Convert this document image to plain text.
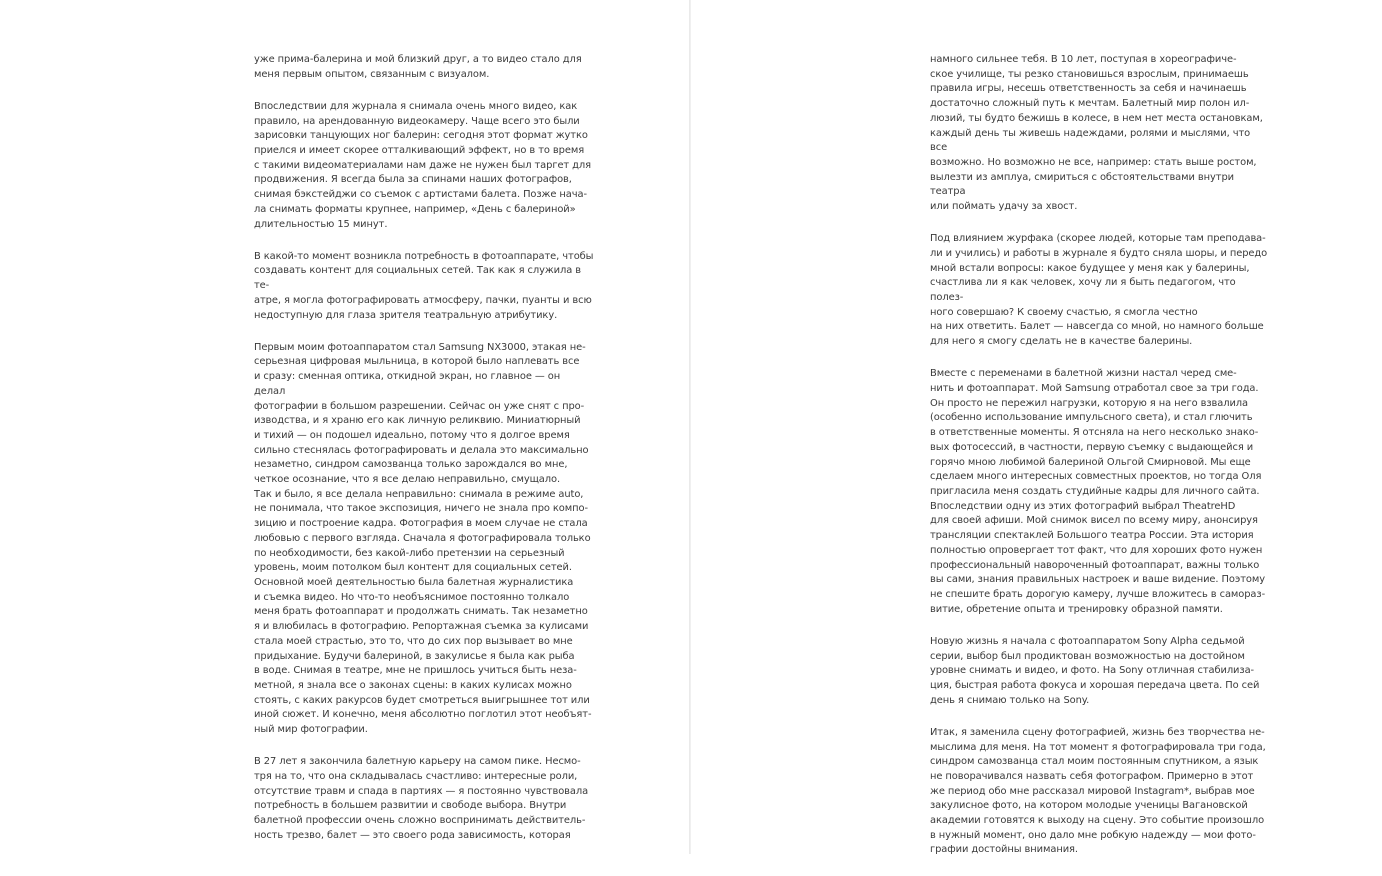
уже прима-балерина и мой близкий друг, а то видео стало для
меня первым опытом, связанным с визуалом.

Впоследствии для журнала я снимала очень много видео, как
правило, на арендованную видеокамеру. Чаще всего это были
зарисовки танцующих ног балерин: сегодня этот формат жутко
приелся и имеет скорее отталкивающий эффект, но в то время
с такими видеоматериалами нам даже не нужен был таргет для
продвижения. Я всегда была за спинами наших фотографов,
снимая бэкстейджи со съемок с артистами балета. Позже нача-
ла снимать форматы крупнее, например, «День с балериной»
длительностью 15 минут.

В какой-то момент возникла потребность в фотоаппарате, чтобы
создавать контент для социальных сетей. Так как я служила в те-
атре, я могла фотографировать атмосферу, пачки, пуанты и всю
недоступную для глаза зрителя театральную атрибутику.

Первым моим фотоаппаратом стал Samsung NX3000, этакая не-
серьезная цифровая мыльница, в которой было наплевать все
и сразу: сменная оптика, откидной экран, но главное — он делал
фотографии в большом разрешении. Сейчас он уже снят с про-
изводства, и я храню его как личную реликвию. Миниатюрный
и тихий — он подошел идеально, потому что я долгое время
сильно стеснялась фотографировать и делала это максимально
незаметно, синдром самозванца только зарождался во мне,
четкое осознание, что я все делаю неправильно, смущало.
Так и было, я все делала неправильно: снимала в режиме auto,
не понимала, что такое экспозиция, ничего не знала про компо-
зицию и построение кадра. Фотография в моем случае не стала
любовью с первого взгляда. Сначала я фотографировала только
по необходимости, без какой-либо претензии на серьезный
уровень, моим потолком был контент для социальных сетей.
Основной моей деятельностью была балетная журналистика
и съемка видео. Но что-то необъяснимое постоянно толкало
меня брать фотоаппарат и продолжать снимать. Так незаметно
я и влюбилась в фотографию. Репортажная съемка за кулисами
стала моей страстью, это то, что до сих пор вызывает во мне
придыхание. Будучи балериной, в закулисье я была как рыба
в воде. Снимая в театре, мне не пришлось учиться быть неза-
метной, я знала все о законах сцены: в каких кулисах можно
стоять, с каких ракурсов будет смотреться выигрышнее тот или
иной сюжет. И конечно, меня абсолютно поглотил этот необъят-
ный мир фотографии.

В 27 лет я закончила балетную карьеру на самом пике. Несмо-
тря на то, что она складывалась счастливо: интересные роли,
отсутствие травм и спада в партиях — я постоянно чувствовала
потребность в большем развитии и свободе выбора. Внутри
балетной профессии очень сложно воспринимать действитель-
ность трезво, балет — это своего рода зависимость, которая

намного сильнее тебя. В 10 лет, поступая в хореографиче-
ское училище, ты резко становишься взрослым, принимаешь
правила игры, несешь ответственность за себя и начинаешь
достаточно сложный путь к мечтам. Балетный мир полон ил-
люзий, ты будто бежишь в колесе, в нем нет места остановкам,
каждый день ты живешь надеждами, ролями и мыслями, что все
возможно. Но возможно не все, например: стать выше ростом,
вылезти из амплуа, смириться с обстоятельствами внутри театра
или поймать удачу за хвост.

Под влиянием журфака (скорее людей, которые там преподава-
ли и учились) и работы в журнале я будто сняла шоры, и передо
мной встали вопросы: какое будущее у меня как у балерины,
счастлива ли я как человек, хочу ли я быть педагогом, что полез-
ного совершаю? К своему счастью, я смогла честно
на них ответить. Балет — навсегда со мной, но намного больше
для него я смогу сделать не в качестве балерины.

Вместе с переменами в балетной жизни настал черед сме-
нить и фотоаппарат. Мой Samsung отработал свое за три года.
Он просто не пережил нагрузки, которую я на него взвалила
(особенно использование импульсного света), и стал глючить
в ответственные моменты. Я отсняла на него несколько знако-
вых фотосессий, в частности, первую съемку с выдающейся и
горячо мною любимой балериной Ольгой Смирновой. Мы еще
сделаем много интересных совместных проектов, но тогда Оля
пригласила меня создать студийные кадры для личного сайта.
Впоследствии одну из этих фотографий выбрал TheatreHD
для своей афиши. Мой снимок висел по всему миру, анонсируя
трансляции спектаклей Большого театра России. Эта история
полностью опровергает тот факт, что для хороших фото нужен
профессиональный навороченный фотоаппарат, важны только
вы сами, знания правильных настроек и ваше видение. Поэтому
не спешите брать дорогую камеру, лучше вложитесь в самораз-
витие, обретение опыта и тренировку образной памяти.

Новую жизнь я начала с фотоаппаратом Sony Alpha седьмой
серии, выбор был продиктован возможностью на достойном
уровне снимать и видео, и фото. На Sony отличная стабилиза-
ция, быстрая работа фокуса и хорошая передача цвета. По сей
день я снимаю только на Sony.

Итак, я заменила сцену фотографией, жизнь без творчества не-
мыслима для меня. На тот момент я фотографировала три года,
синдром самозванца стал моим постоянным спутником, а язык
не поворачивался назвать себя фотографом. Примерно в этот
же период обо мне рассказал мировой Instagram*, выбрав мое
закулисное фото, на котором молодые ученицы Вагановской
академии готовятся к выходу на сцену. Это событие произошло
в нужный момент, оно дало мне робкую надежду — мои фото-
графии достойны внимания.
